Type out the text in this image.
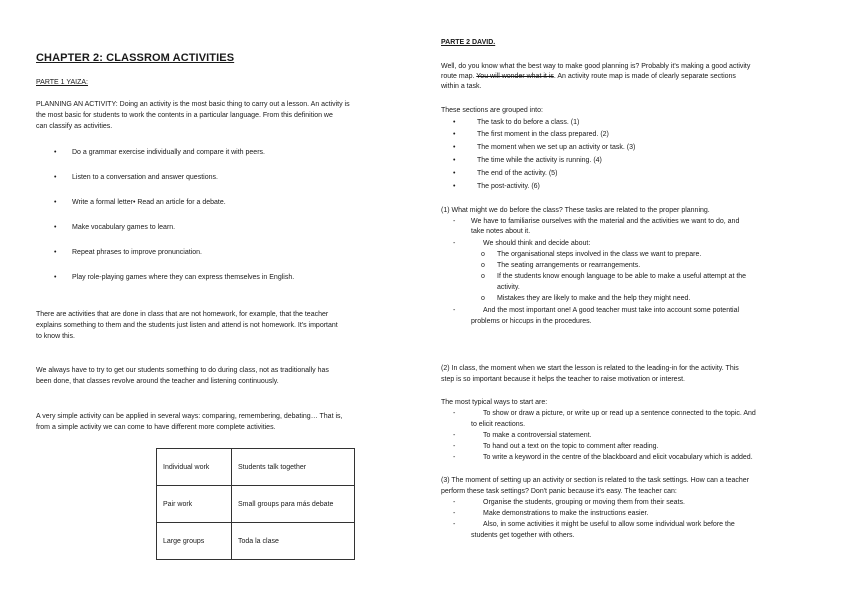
CHAPTER 2: CLASSROM ACTIVITIES
PARTE 1 YAIZA:
PLANNING AN ACTIVITY: Doing an activity is the most basic thing to carry out a lesson. An activity is
the most basic for students to work the contents in a particular language. From this definition we
can classify as activities.
• Do a grammar exercise individually and compare it with peers.
• Listen to a conversation and answer questions.
• Write a formal letter• Read an article for a debate.
• Make vocabulary games to learn.
• Repeat phrases to improve pronunciation.
• Play role-playing games where they can express themselves in English.
There are activities that are done in class that are not homework, for example, that the teacher
explains something to them and the students just listen and attend is not homework. It's important
to know this.
We always have to try to get our students something to do during class, not as traditionally has
been done, that classes revolve around the teacher and listening continuously.
A very simple activity can be applied in several ways: comparing, remembering, debating… That is,
from a simple activity we can come to have different more complete activities.
Individual work	Students talk together
Pair work	Small groups para más debate
Large groups	Toda la clase
PARTE 2 DAVID.
Well, do you know what the best way to make good planning is? Probably it's making a good activity
route map. You will wonder what it is. An activity route map is made of clearly separate sections
within a task.
These sections are grouped into:
•	The task to do before a class. (1)
•	The first moment in the class prepared. (2)
•	The moment when we set up an activity or task. (3)
•	The time while the activity is running. (4)
•	The end of the activity. (5)
•	The post-activity. (6)
(1) What might we do before the class? These tasks are related to the proper planning.
- We have to familiarise ourselves with the material and the activities we want to do, and
take notes about it.
-	We should think and decide about:
o The organisational steps involved in the class we want to prepare.
o The seating arrangements or rearrangements.
o If the students know enough language to be able to make a useful attempt at the
activity.
o Mistakes they are likely to make and the help they might need.
-	And the most important one! A good teacher must take into account some potential
problems or hiccups in the procedures.
(2) In class, the moment when we start the lesson is related to the leading-in for the activity. This
step is so important because it helps the teacher to raise motivation or interest.
The most typical ways to start are:
-	To show or draw a picture, or write up or read up a sentence connected to the topic. And
to elicit reactions.
-	To make a controversial statement.
-	To hand out a text on the topic to comment after reading.
-	To write a keyword in the centre of the blackboard and elicit vocabulary which is added.
(3) The moment of setting up an activity or section is related to the task settings. How can a teacher
perform these task settings? Don't panic because it's easy. The teacher can:
-	Organise the students, grouping or moving them from their seats.
-	Make demonstrations to make the instructions easier.
-	Also, in some activities it might be useful to allow some individual work before the
students get together with others.
